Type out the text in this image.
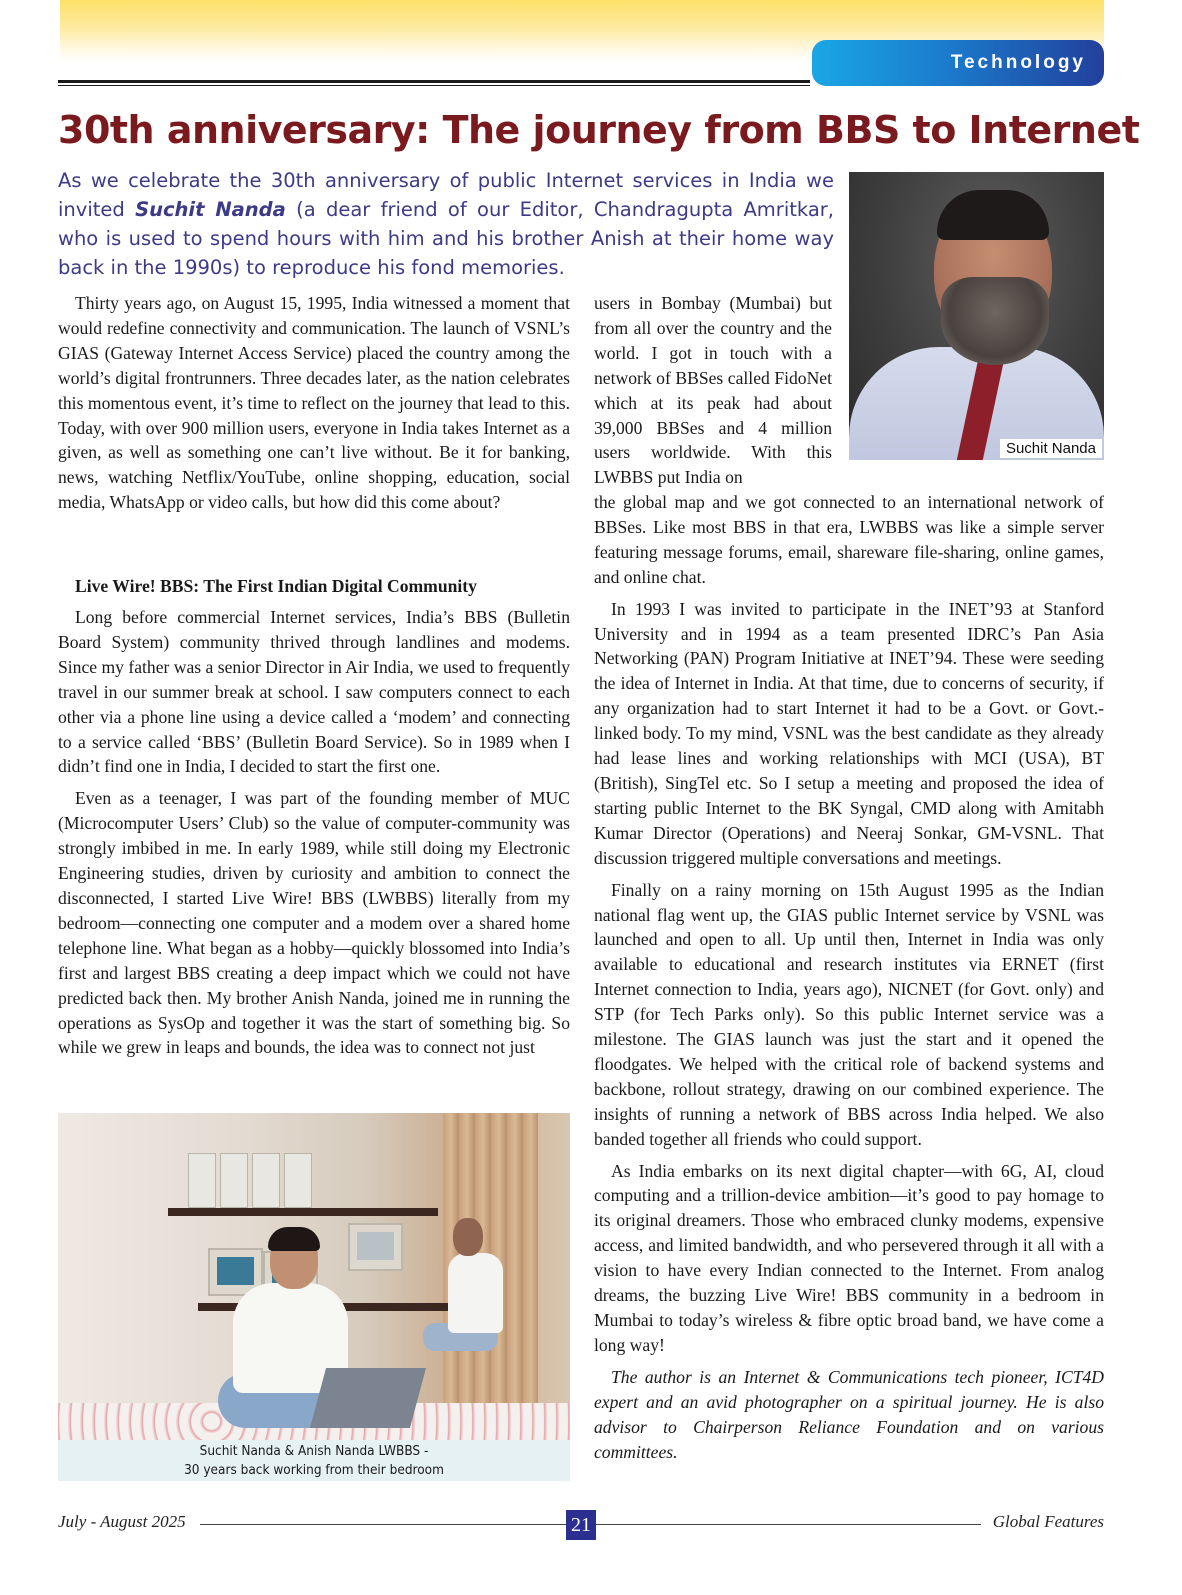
Technology
30th anniversary: The journey from BBS to Internet
As we celebrate the 30th anniversary of public Internet services in India we invited Suchit Nanda (a dear friend of our Editor, Chandragupta Amritkar, who is used to spend hours with him and his brother Anish at their home way back in the 1990s) to reproduce his fond memories.
Suchit Nanda

Thirty years ago, on August 15, 1995, India witnessed a moment that would redefine connectivity and communication. The launch of VSNL’s GIAS (Gateway Internet Access Service) placed the country among the world’s digital frontrunners. Three decades later, as the nation celebrates this momentous event, it’s time to reflect on the journey that lead to this. Today, with over 900 million users, everyone in India takes Internet as a given, as well as something one can’t live without. Be it for banking, news, watching Netflix/YouTube, online shopping, education, social media, WhatsApp or video calls, but how did this come about?

Live Wire! BBS: The First Indian Digital Community

Long before commercial Internet services, India’s BBS (Bulletin Board System) community thrived through landlines and modems. Since my father was a senior Director in Air India, we used to frequently travel in our summer break at school. I saw computers connect to each other via a phone line using a device called a ‘modem’ and connecting to a service called ‘BBS’ (Bulletin Board Service). So in 1989 when I didn’t find one in India, I decided to start the first one.

Even as a teenager, I was part of the founding member of MUC (Microcomputer Users’ Club) so the value of computer-community was strongly imbibed in me. In early 1989, while still doing my Electronic Engineering studies, driven by curiosity and ambition to connect the disconnected, I started Live Wire! BBS (LWBBS) literally from my bedroom—connecting one computer and a modem over a shared home telephone line. What began as a hobby—quickly blossomed into India’s first and largest BBS creating a deep impact which we could not have predicted back then. My brother Anish Nanda, joined me in running the operations as SysOp and together it was the start of something big. So while we grew in leaps and bounds, the idea was to connect not just

Suchit Nanda & Anish Nanda LWBBS -
30 years back working from their bedroom

users in Bombay (Mumbai) but from all over the country and the world. I got in touch with a network of BBSes called FidoNet which at its peak had about 39,000 BBSes and 4 million users worldwide. With this LWBBS put India on

the global map and we got connected to an international network of BBSes. Like most BBS in that era, LWBBS was like a simple server featuring message forums, email, shareware file-sharing, online games, and online chat.

In 1993 I was invited to participate in the INET’93 at Stanford University and in 1994 as a team presented IDRC’s Pan Asia Networking (PAN) Program Initiative at INET’94. These were seeding the idea of Internet in India. At that time, due to concerns of security, if any organization had to start Internet it had to be a Govt. or Govt.-linked body. To my mind, VSNL was the best candidate as they already had lease lines and working relationships with MCI (USA), BT (British), SingTel etc. So I setup a meeting and proposed the idea of starting public Internet to the BK Syngal, CMD along with Amitabh Kumar Director (Operations) and Neeraj Sonkar, GM-VSNL. That discussion triggered multiple conversations and meetings.

Finally on a rainy morning on 15th August 1995 as the Indian national flag went up, the GIAS public Internet service by VSNL was launched and open to all. Up until then, Internet in India was only available to educational and research institutes via ERNET (first Internet connection to India, years ago), NICNET (for Govt. only) and STP (for Tech Parks only). So this public Internet service was a milestone. The GIAS launch was just the start and it opened the floodgates. We helped with the critical role of backend systems and backbone, rollout strategy, drawing on our combined experience. The insights of running a network of BBS across India helped. We also banded together all friends who could support.

As India embarks on its next digital chapter—with 6G, AI, cloud computing and a trillion-device ambition—it’s good to pay homage to its original dreamers. Those who embraced clunky modems, expensive access, and limited bandwidth, and who persevered through it all with a vision to have every Indian connected to the Internet. From analog dreams, the buzzing Live Wire! BBS community in a bedroom in Mumbai to today’s wireless & fibre optic broad band, we have come a long way!

The author is an Internet & Communications tech pioneer, ICT4D expert and an avid photographer on a spiritual journey. He is also advisor to Chairperson Reliance Foundation and on various committees.

July - August 2025	21	Global Features
